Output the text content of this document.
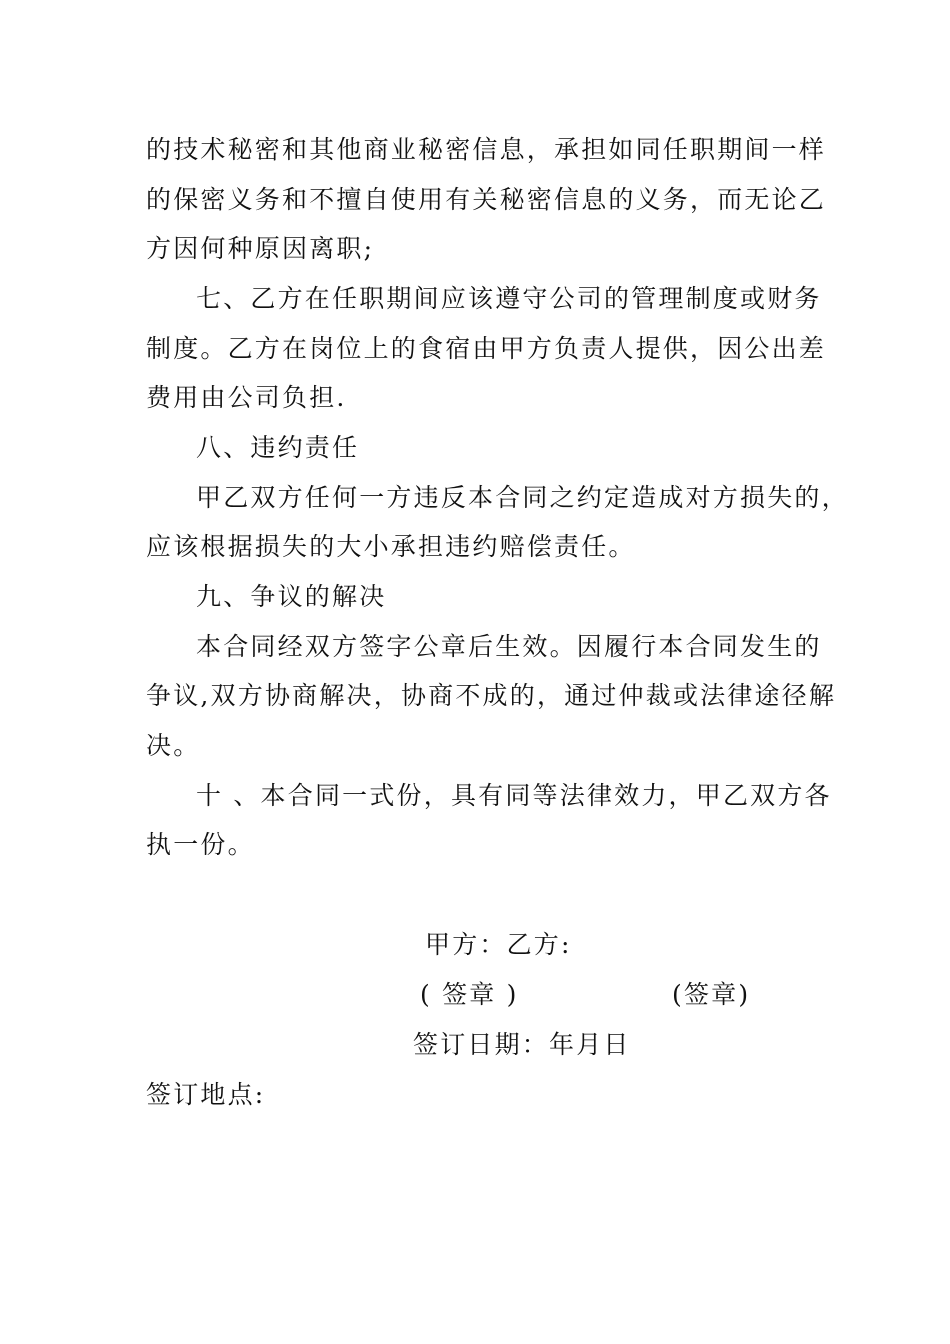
的技术秘密和其他商业秘密信息，承担如同任职期间一样
的保密义务和不擅自使用有关秘密信息的义务，而无论乙
方因何种原因离职;
七、乙方在任职期间应该遵守公司的管理制度或财务
制度。乙方在岗位上的食宿由甲方负责人提供，因公出差
费用由公司负担.
八、违约责任
甲乙双方任何一方违反本合同之约定造成对方损失的，
应该根据损失的大小承担违约赔偿责任。
九、争议的解决
本合同经双方签字公章后生效。因履行本合同发生的
争议,双方协商解决，协商不成的，通过仲裁或法律途径解
决。
十 、本合同一式份，具有同等法律效力，甲乙双方各
执一份。
甲方：乙方:
( 签章 )	(签章)
签订日期：年月日
签订地点:
